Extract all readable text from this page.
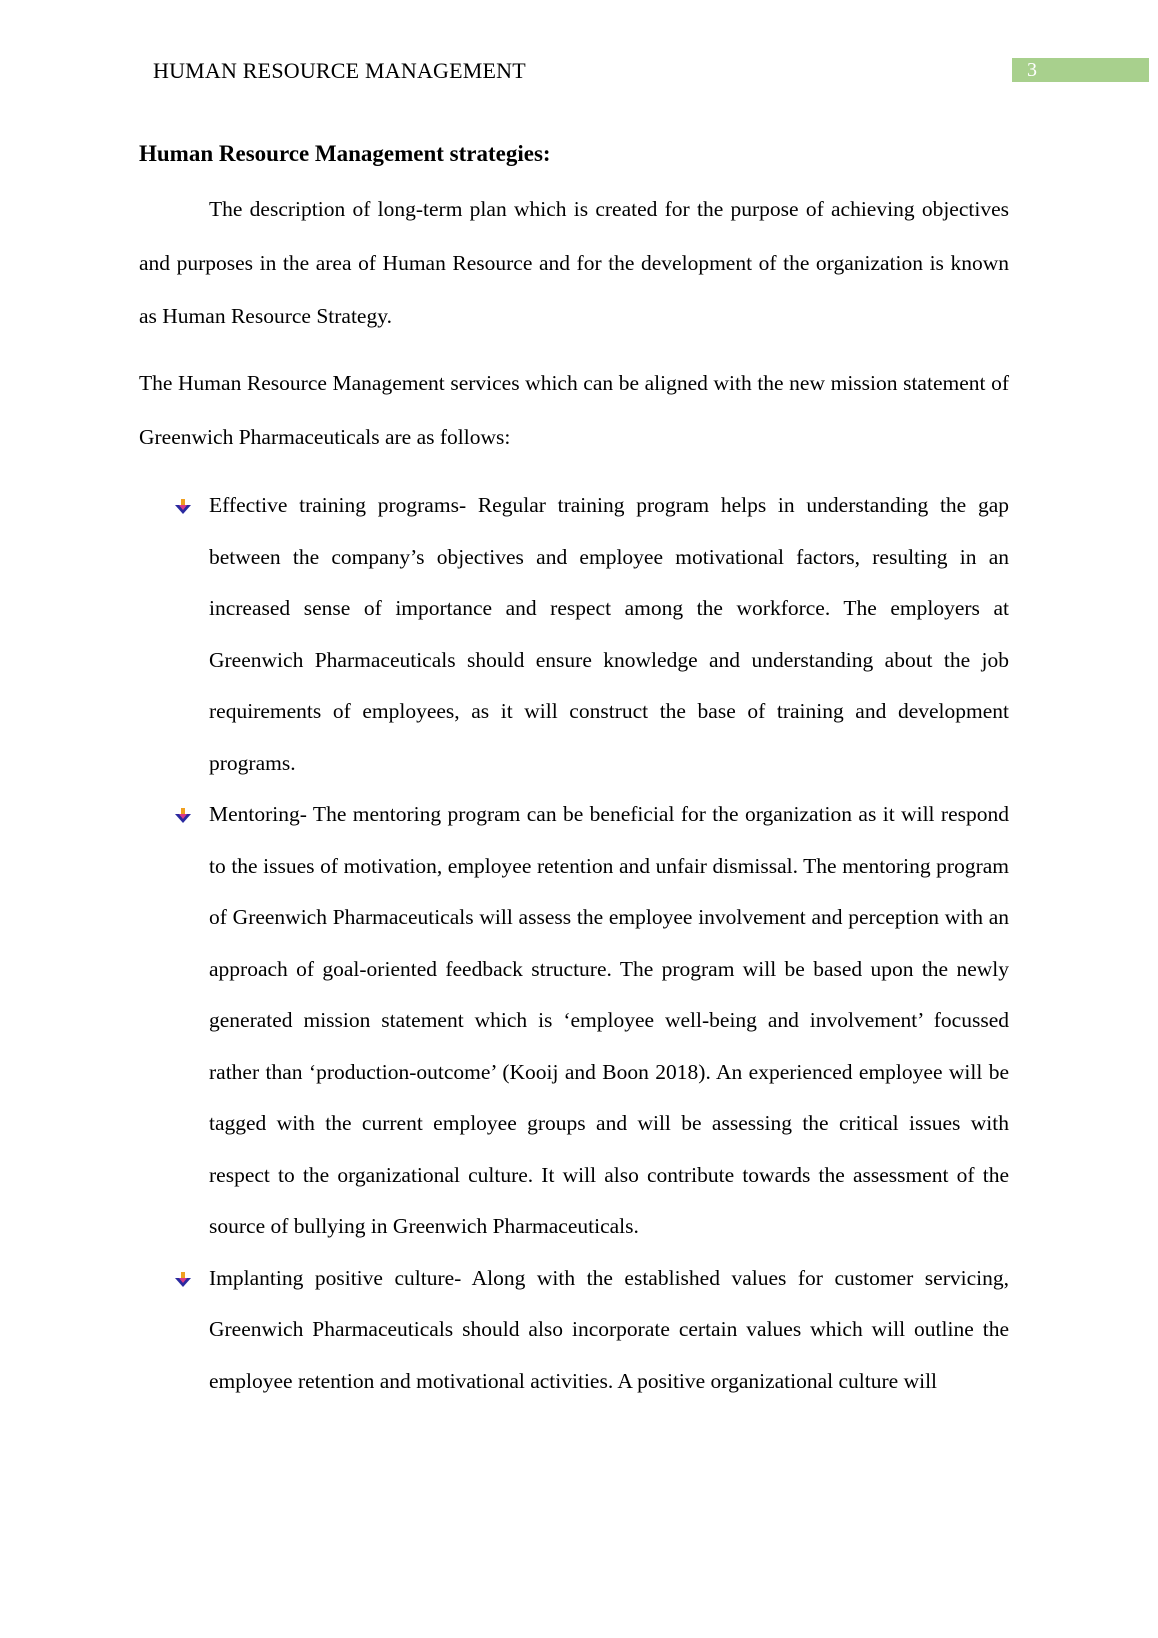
HUMAN RESOURCE MANAGEMENT	3
Human Resource Management strategies:

The description of long-term plan which is created for the purpose of achieving objectives and purposes in the area of Human Resource and for the development of the organization is known as Human Resource Strategy.

The Human Resource Management services which can be aligned with the new mission statement of Greenwich Pharmaceuticals are as follows:

Effective training programs- Regular training program helps in understanding the gap between the company’s objectives and employee motivational factors, resulting in an increased sense of importance and respect among the workforce. The employers at Greenwich Pharmaceuticals should ensure knowledge and understanding about the job requirements of employees, as it will construct the base of training and development programs.
Mentoring- The mentoring program can be beneficial for the organization as it will respond to the issues of motivation, employee retention and unfair dismissal. The mentoring program of Greenwich Pharmaceuticals will assess the employee involvement and perception with an approach of goal-oriented feedback structure. The program will be based upon the newly generated mission statement which is ‘employee well-being and involvement’ focussed rather than ‘production-outcome’ (Kooij and Boon 2018). An experienced employee will be tagged with the current employee groups and will be assessing the critical issues with respect to the organizational culture. It will also contribute towards the assessment of the source of bullying in Greenwich Pharmaceuticals.
Implanting positive culture- Along with the established values for customer servicing, Greenwich Pharmaceuticals should also incorporate certain values which will outline the employee retention and motivational activities. A positive organizational culture will
